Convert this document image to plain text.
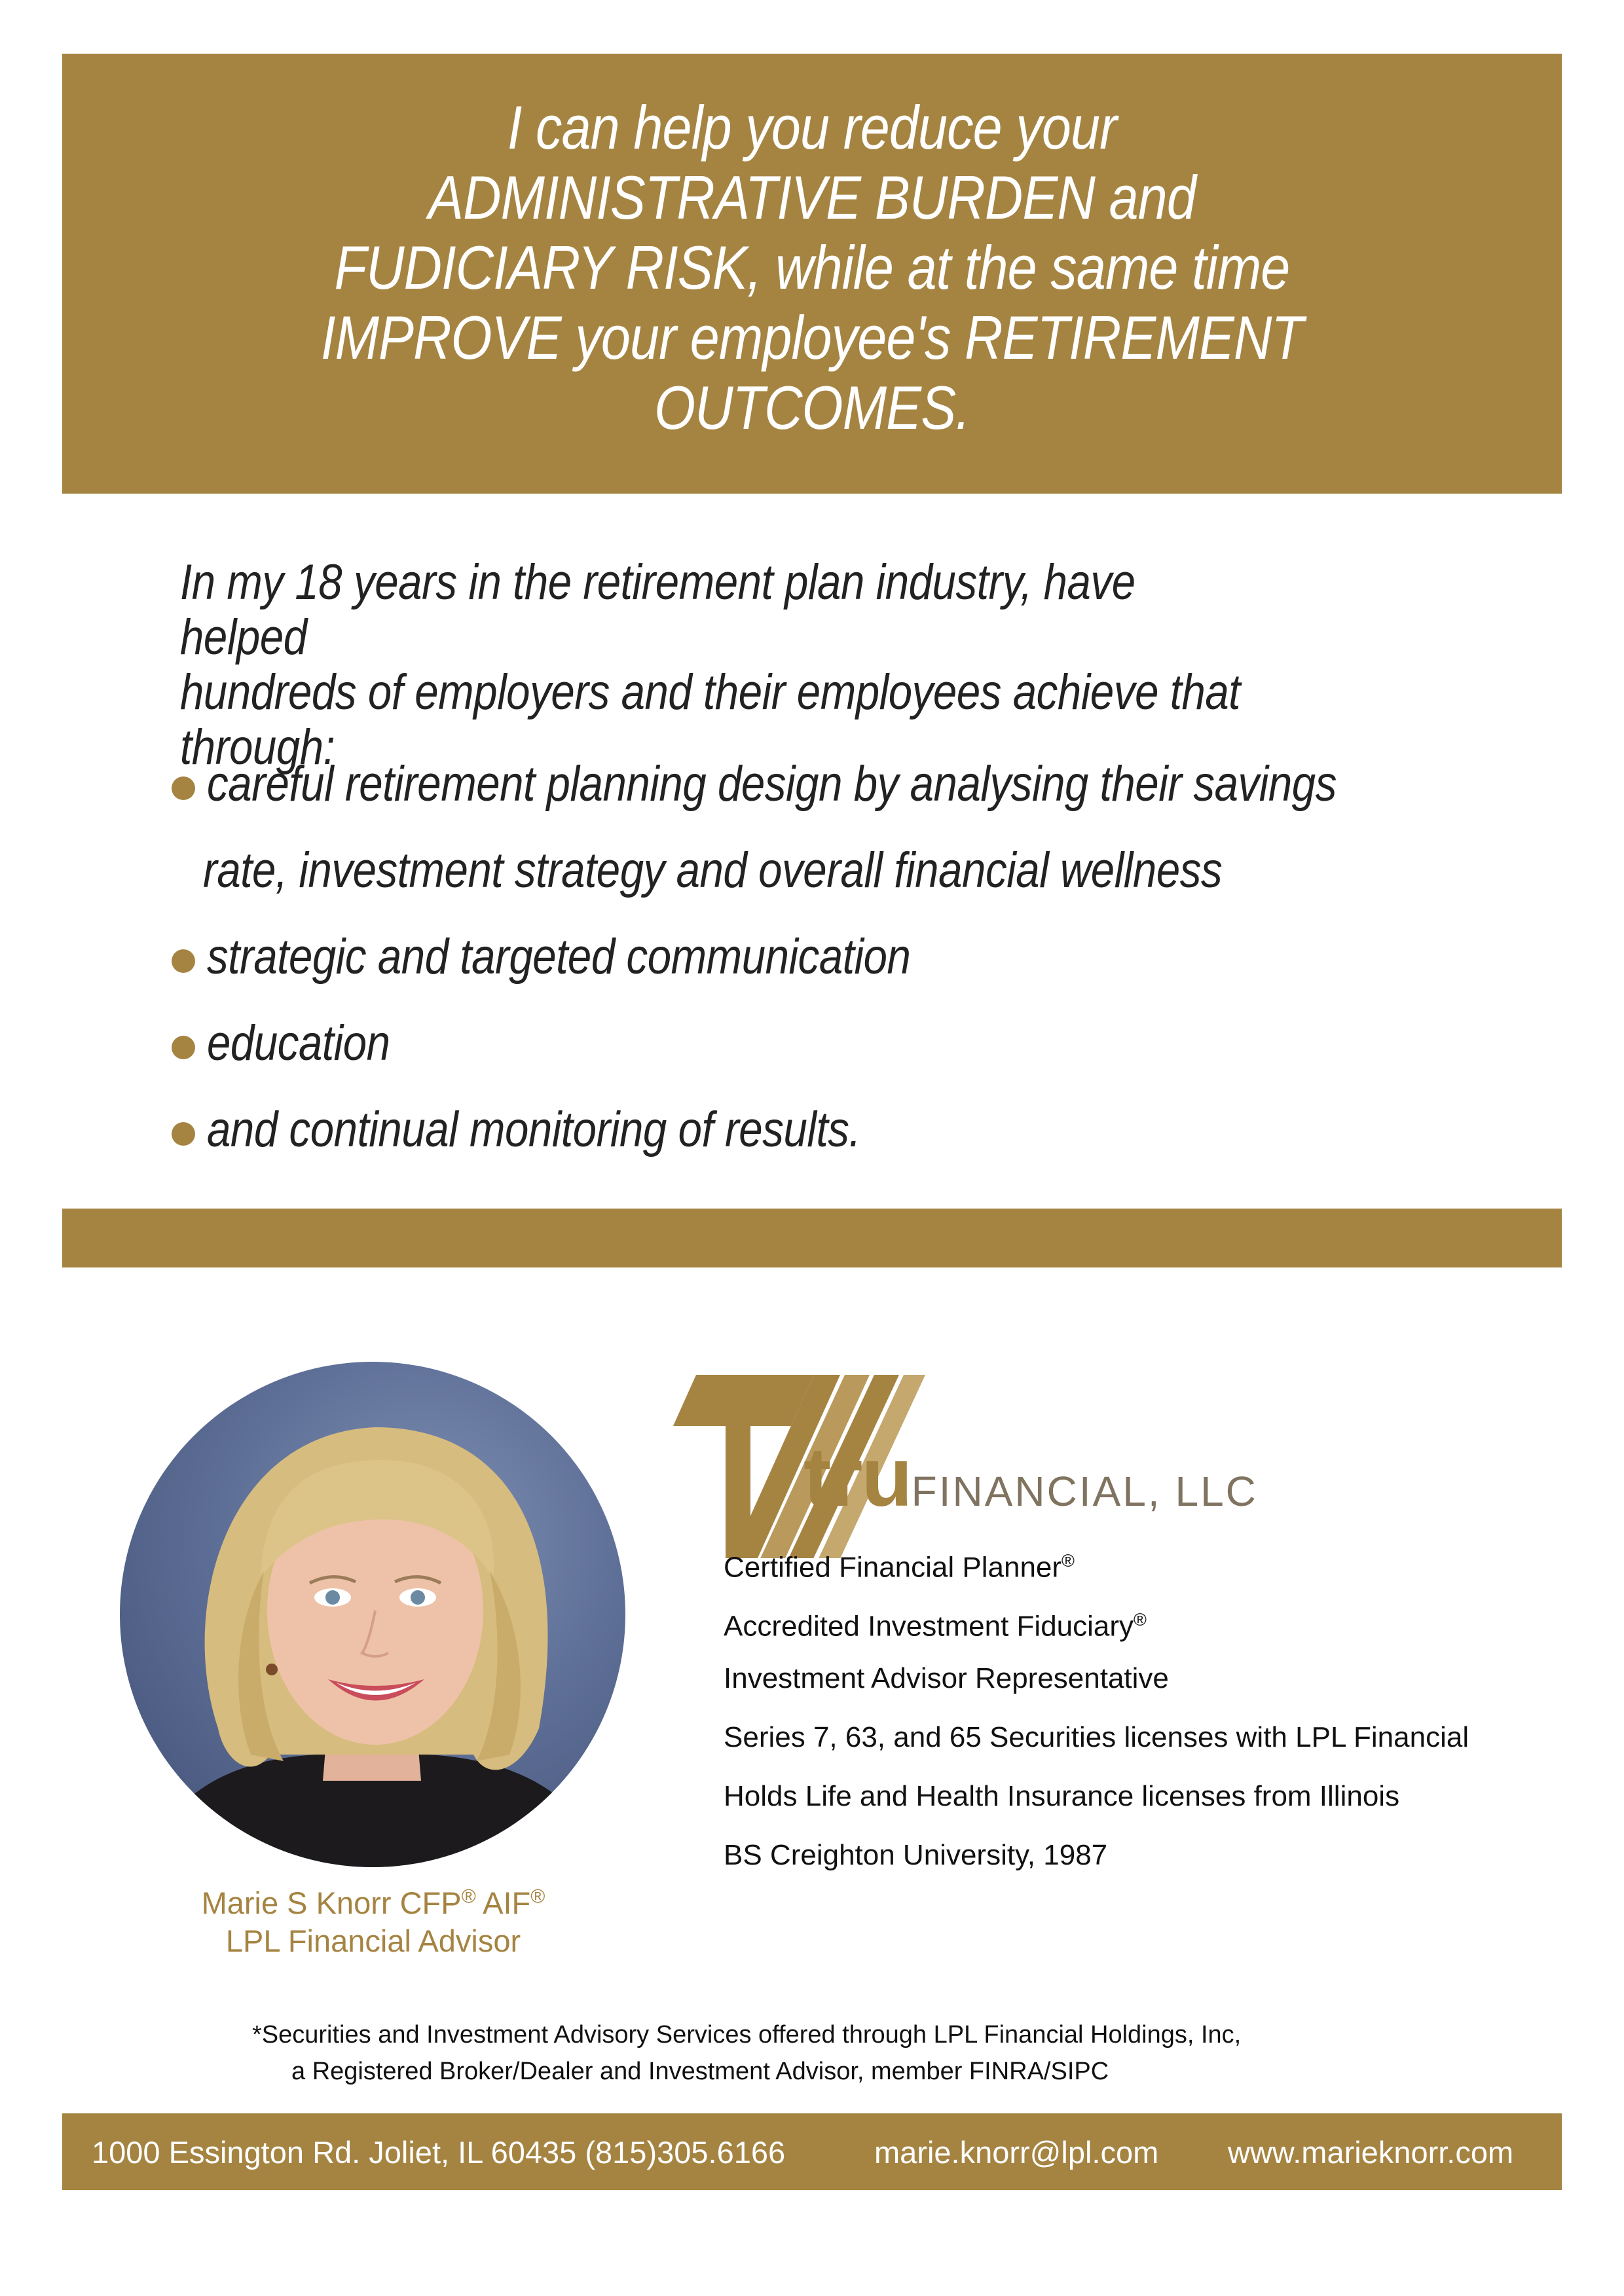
I can help you reduce your
ADMINISTRATIVE BURDEN and
FUDICIARY RISK, while at the same time
IMPROVE your employee's RETIREMENT
OUTCOMES.
In my 18 years in the retirement plan industry, have helped
hundreds of employers and their employees achieve that
through:
careful retirement planning design by analysing their savings
rate, investment strategy and overall financial wellness
strategic and targeted communication
education
and continual monitoring of results.
Marie S Knorr CFP® AIF®
LPL Financial Advisor
truFINANCIAL, LLC
Certified Financial Planner®
Accredited Investment Fiduciary®
Investment Advisor Representative
Series 7, 63, and 65 Securities licenses with LPL Financial
Holds Life and Health Insurance licenses from Illinois
BS Creighton University, 1987
*Securities and Investment Advisory Services offered through LPL Financial Holdings, Inc,
a Registered Broker/Dealer and Investment Advisor, member FINRA/SIPC
1000 Essington Rd. Joliet, IL 60435 (815)305.6166	marie.knorr@lpl.com www.marieknorr.com
